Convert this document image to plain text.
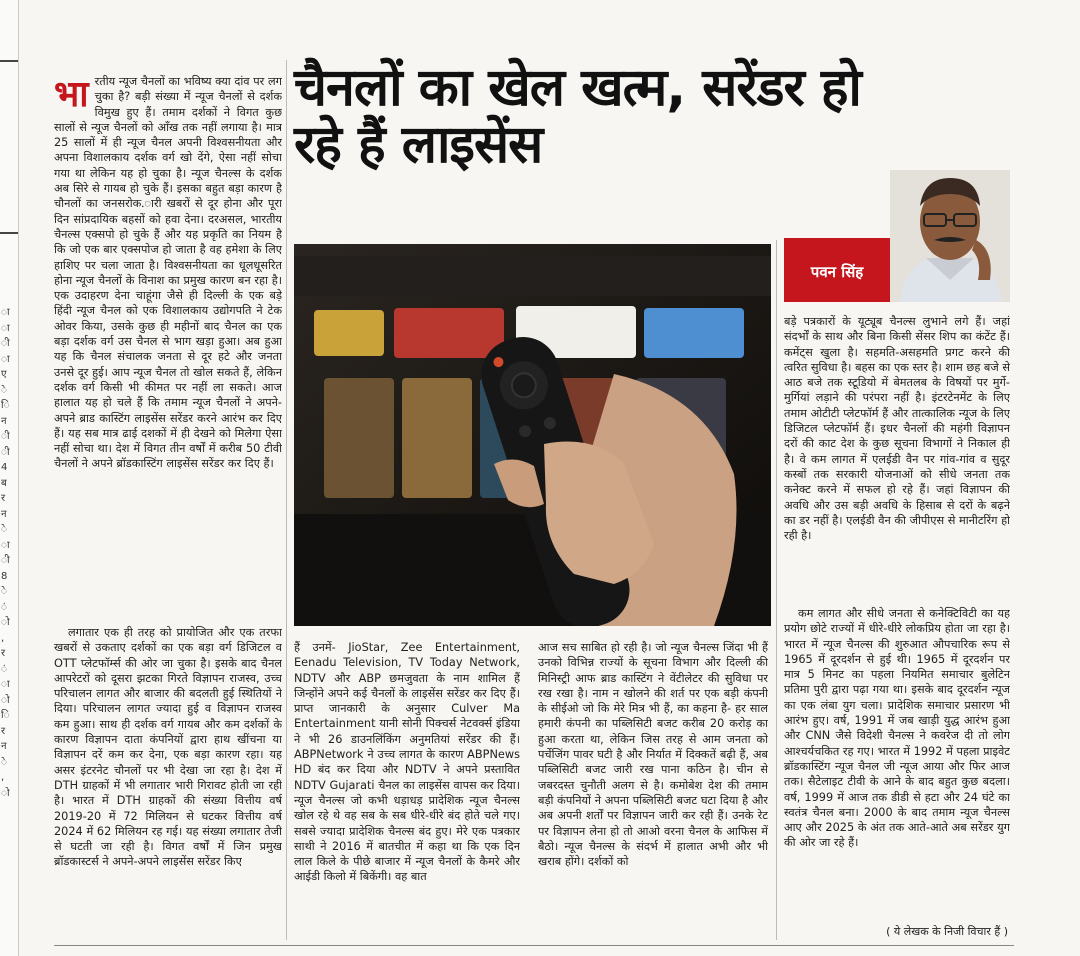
ा
ा
ी
ा
ए
े
ि
न
ी
ी
4
ब
र
न
े
ा
ी
8
े
ं
ो
,
र
ं
ा
ो
ि
र
न
े
,
ो
भा रतीय न्यूज चैनलों का भविष्य क्या दांव पर लग चुका है? बड़ी संख्या में न्यूज चैनलों से दर्शक विमुख हुए हैं। तमाम दर्शकों ने विगत कुछ सालों से न्यूज चैनलों को आँख तक नहीं लगाया है। मात्र 25 सालों में ही न्यूज चैनल अपनी विश्वसनीयता और अपना विशालकाय दर्शक वर्ग खो देंगे, ऐसा नहीं सोचा गया था लेकिन यह हो चुका है। न्यूज चैनल्स के दर्शक अब सिरे से गायब हो चुके हैं। इसका बहुत बड़ा कारण है चौनलों का जनसरोक.ारी खबरों से दूर होना और पूरा दिन सांप्रदायिक बहसों को हवा देना। दरअसल, भारतीय चैनल्स एक्सपो हो चुके हैं और यह प्रकृति का नियम है कि जो एक बार एक्सपोज हो जाता है वह हमेशा के लिए हाशिए पर चला जाता है। विश्वसनीयता का धूलधूसरित होना न्यूज चैनलों के विनाश का प्रमुख कारण बन रहा है। एक उदाहरण देना चाहूंगा जैसे ही दिल्ली के एक बड़े हिंदी न्यूज चैनल को एक विशालकाय उद्योगपति ने टेक ओवर किया, उसके कुछ ही महीनों बाद चैनल का एक बड़ा दर्शक वर्ग उस चैनल से भाग खड़ा हुआ। अब हुआ यह कि चैनल संचालक जनता से दूर हटे और जनता उनसे दूर हुई। आप न्यूज चैनल तो खोल सकते हैं, लेकिन दर्शक वर्ग किसी भी कीमत पर नहीं ला सकते। आज हालात यह हो चले हैं कि तमाम न्यूज चैनलों ने अपने-अपने ब्राड कास्टिंग लाइसेंस सरेंडर करने आरंभ कर दिए हैं। यह सब मात्र ढाई दशकों में ही देखने को मिलेगा ऐसा नहीं सोचा था। देश में विगत तीन वर्षों में करीब 50 टीवी चैनलों ने अपने ब्रॉडकास्टिंग लाइसेंस सरेंडर कर दिए हैं।
लगातार एक ही तरह को प्रायोजित और एक तरफा खबरों से उकताए दर्शकों का एक बड़ा वर्ग डिजिटल व OTT प्लेटफॉर्म्स की ओर जा चुका है। इसके बाद चैनल आपरेटरों को दूसरा झटका गिरते विज्ञापन राजस्व, उच्च परिचालन लागत और बाजार की बदलती हुई स्थितियों ने दिया। परिचालन लागत ज्यादा हुई व विज्ञापन राजस्व कम हुआ। साथ ही दर्शक वर्ग गायब और कम दर्शकों के कारण विज्ञापन दाता कंपनियों द्वारा हाथ खींचना या विज्ञापन दरें कम कर देना, एक बड़ा कारण रहा। यह असर इंटरनेट चौनलों पर भी देखा जा रहा है। देश में DTH ग्राहकों में भी लगातार भारी गिरावट होती जा रही है। भारत में DTH ग्राहकों की संख्या वित्तीय वर्ष 2019-20 में 72 मिलियन से घटकर वित्तीय वर्ष 2024 में 62 मिलियन रह गई। यह संख्या लगातार तेजी से घटती जा रही है। विगत वर्षों में जिन प्रमुख ब्रॉडकास्टर्स ने अपने-अपने लाइसेंस सरेंडर किए
चैनलों का खेल खत्म, सरेंडर हो
रहे हैं लाइसेंस
पवन सिंह
हैं उनमें- JioStar, Zee Entertainment, Eenadu Television, TV Today Network, NDTV और ABP छमजुवता के नाम शामिल हैं जिन्होंने अपने कई चैनलों के लाइसेंस सरेंडर कर दिए हैं। प्राप्त जानकारी के अनुसार Culver Ma Entertainment यानी सोनी पिक्चर्स नेटवर्क्स इंडिया ने भी 26 डाउनलिंकिंग अनुमतियां सरेंडर की हैं। ABPNetwork ने उच्च लागत के कारण ABPNews HD बंद कर दिया और NDTV ने अपने प्रस्तावित NDTV Gujarati चैनल का लाइसेंस वापस कर दिया। न्यूज चैनल्स जो कभी धड़ाधड़ प्रादेशिक न्यूज चैनल्स खोल रहे थे वह सब के सब धीरे-धीरे बंद होते चले गए। सबसे ज्यादा प्रादेशिक चैनल्स बंद हुए। मेरे एक पत्रकार साथी ने 2016 में बातचीत में कहा था कि एक दिन लाल किले के पीछे बाजार में न्यूज चैनलों के कैमरे और आईडी किलो में बिकेंगी। वह बात
आज सच साबित हो रही है। जो न्यूज चैनल्स जिंदा भी हैं उनको विभिन्न राज्यों के सूचना विभाग और दिल्ली की मिनिस्ट्री आफ ब्राड कास्टिंग ने वेंटीलेटर की सुविधा पर रख रखा है। नाम न खोलने की शर्त पर एक बड़ी कंपनी के सीईओ जो कि मेरे मित्र भी हैं, का कहना है- हर साल हमारी कंपनी का पब्लिसिटी बजट करीब 20 करोड़ का हुआ करता था, लेकिन जिस तरह से आम जनता को पर्चेजिंग पावर घटी है और निर्यात में दिक्कतें बढ़ी हैं, अब पब्लिसिटी बजट जारी रख पाना कठिन है। चीन से जबरदस्त चुनौती अलग से है। कमोबेश देश की तमाम बड़ी कंपनियों ने अपना पब्लिसिटी बजट घटा दिया है और अब अपनी शर्तों पर विज्ञापन जारी कर रही हैं। उनके रेट पर विज्ञापन लेना हो तो आओ वरना चैनल के आफिस में बैठो। न्यूज चैनल्स के संदर्भ में हालात अभी और भी खराब होंगे। दर्शकों को
बड़े पत्रकारों के यूट्यूब चैनल्स लुभाने लगे हैं। जहां संदर्भों के साथ और बिना किसी सेंसर शिप का कंटेंट हैं। कमेंट्स खुला है। सहमति-असहमति प्रगट करने की त्वरित सुविधा है। बहस का एक स्तर है। शाम छह बजे से आठ बजे तक स्टूडियो में बेमतलब के विषयों पर मुर्गे-मुर्गियां लड़ाने की परंपरा नहीं है। इंटरटेनमेंट के लिए तमाम ओटीटी प्लेटफॉर्म हैं और तात्कालिक न्यूज के लिए डिजिटल प्लेटफॉर्म हैं। इधर चैनलों की महंगी विज्ञापन दरों की काट देश के कुछ सूचना विभागों ने निकाल ही है। वे कम लागत में एलईडी वैन पर गांव-गांव व सुदूर कस्बों तक सरकारी योजनाओं को सीधे जनता तक कनेक्ट करने में सफल हो रहे हैं। जहां विज्ञापन की अवधि और उस बड़ी अवधि के हिसाब से दरों के बढ़ने का डर नहीं है। एलईडी वैन की जीपीएस से मानीटरिंग हो रही है।
कम लागत और सीधे जनता से कनेक्टिविटी का यह प्रयोग छोटे राज्यों में धीरे-धीरे लोकप्रिय होता जा रहा है। भारत में न्यूज चैनल्स की शुरुआत औपचारिक रूप से 1965 में दूरदर्शन से हुई थी। 1965 में दूरदर्शन पर मात्र 5 मिनट का पहला नियमित समाचार बुलेटिन प्रतिमा पुरी द्वारा पढ़ा गया था। इसके बाद दूरदर्शन न्यूज का एक लंबा युग चला। प्रादेशिक समाचार प्रसारण भी आरंभ हुए। वर्ष, 1991 में जब खाड़ी युद्ध आरंभ हुआ और CNN जैसे विदेशी चैनल्स ने कवरेज दी तो लोग आश्चर्यचकित रह गए। भारत में 1992 में पहला प्राइवेट ब्रॉडकास्टिंग न्यूज चैनल जी न्यूज आया और फिर आज तक। सैटेलाइट टीवी के आने के बाद बहुत कुछ बदला। वर्ष, 1999 में आज तक डीडी से हटा और 24 घंटे का स्वतंत्र चैनल बना। 2000 के बाद तमाम न्यूज चैनल्स आए और 2025 के अंत तक आते-आते अब सरेंडर युग की ओर जा रहे हैं।
( ये लेखक के निजी विचार हैं )
